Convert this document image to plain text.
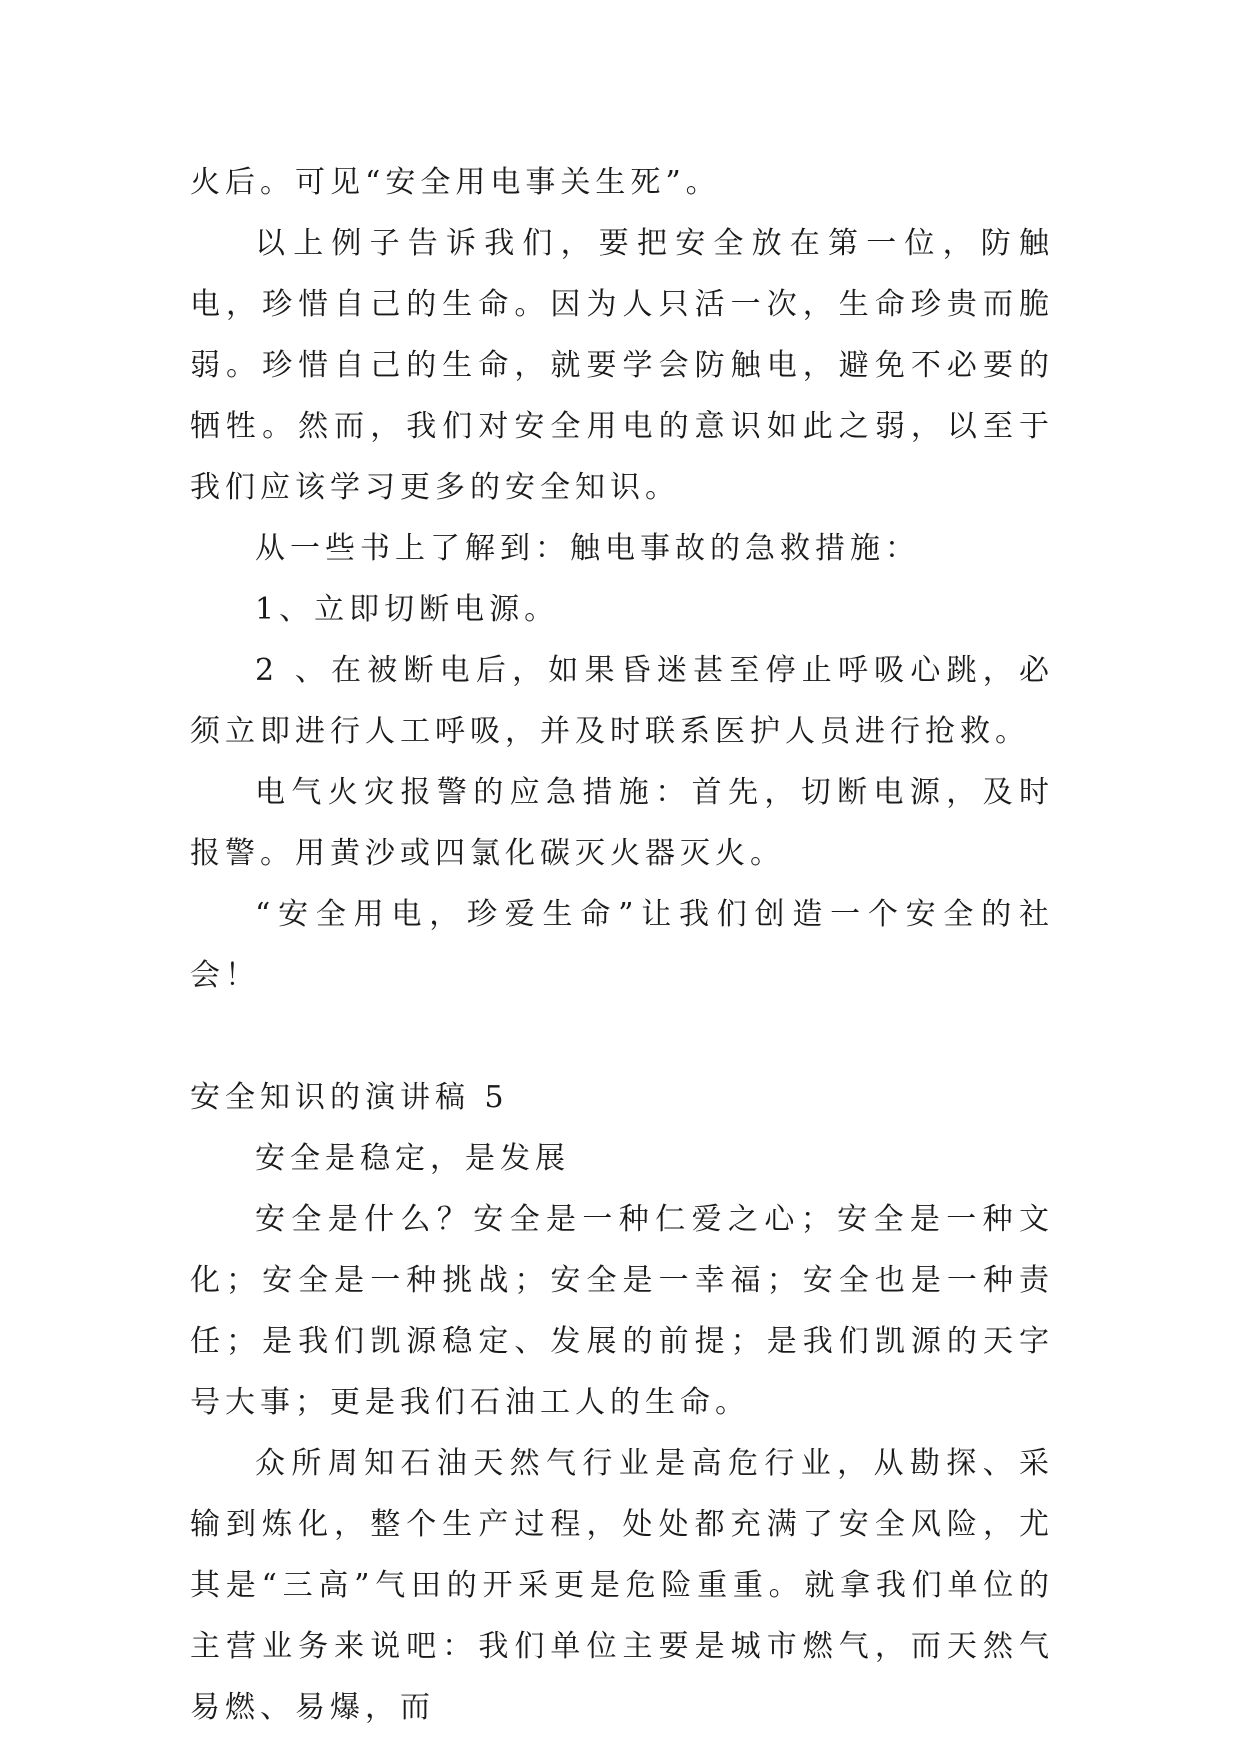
火后。可见“安全用电事关生死”。

以上例子告诉我们，要把安全放在第一位，防触电，珍惜自己的生命。因为人只活一次，生命珍贵而脆弱。珍惜自己的生命，就要学会防触电，避免不必要的牺牲。然而，我们对安全用电的意识如此之弱，以至于我们应该学习更多的安全知识。

从一些书上了解到：触电事故的急救措施：

1、立即切断电源。

2 、在被断电后，如果昏迷甚至停止呼吸心跳，必须立即进行人工呼吸，并及时联系医护人员进行抢救。

电气火灾报警的应急措施：首先，切断电源，及时报警。用黄沙或四氯化碳灭火器灭火。

“安全用电，珍爱生命”让我们创造一个安全的社会！

安全知识的演讲稿 5

安全是稳定，是发展

安全是什么？安全是一种仁爱之心；安全是一种文化；安全是一种挑战；安全是一幸福；安全也是一种责任；是我们凯源稳定、发展的前提；是我们凯源的天字号大事；更是我们石油工人的生命。

众所周知石油天然气行业是高危行业，从勘探、采输到炼化，整个生产过程，处处都充满了安全风险，尤其是“三高”气田的开采更是危险重重。就拿我们单位的主营业务来说吧：我们单位主要是城市燃气，而天然气易燃、易爆，而
